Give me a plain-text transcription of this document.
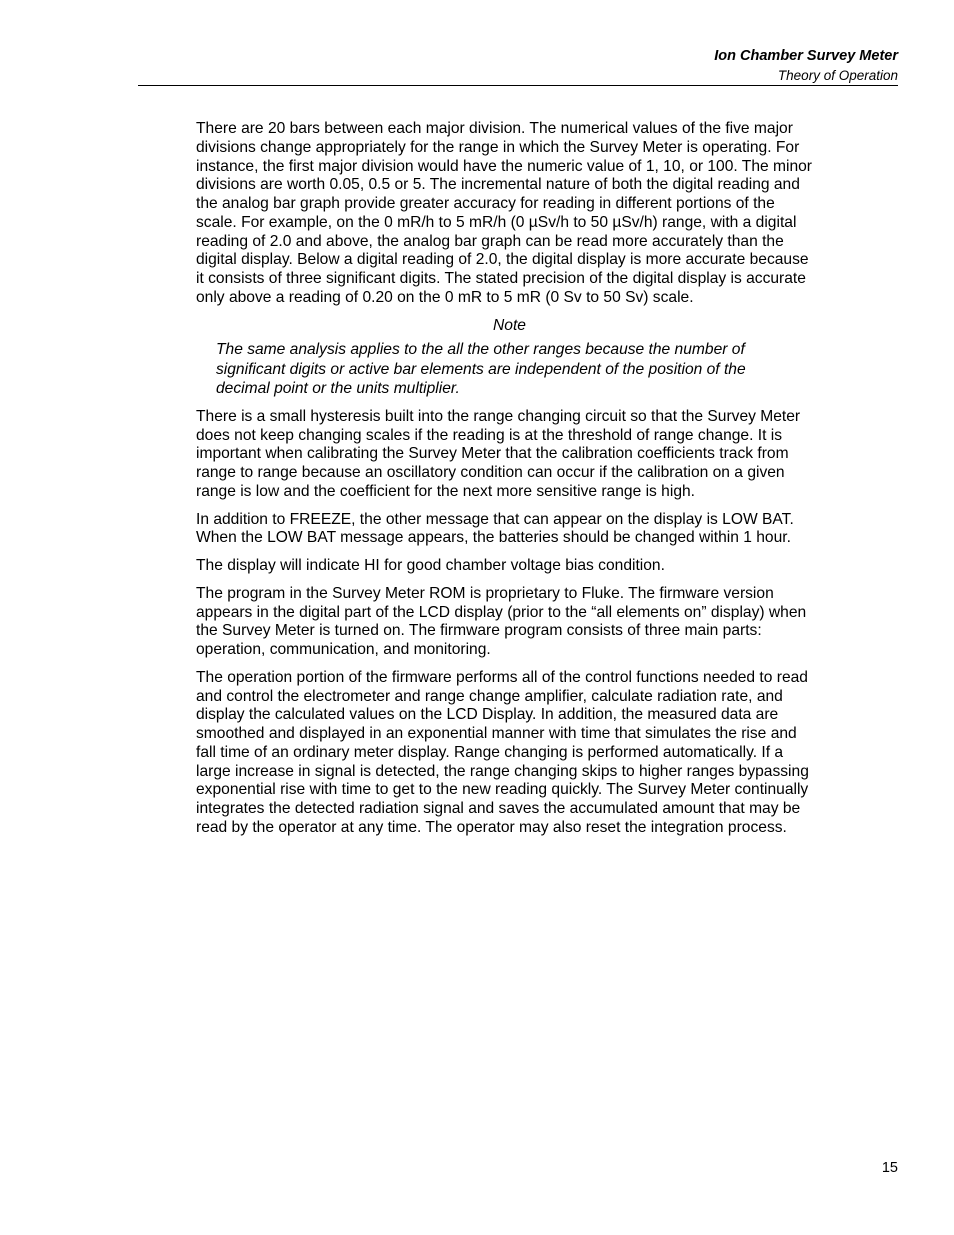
Ion Chamber Survey Meter
Theory of Operation

There are 20 bars between each major division. The numerical values of the five major divisions change appropriately for the range in which the Survey Meter is operating. For instance, the first major division would have the numeric value of 1, 10, or 100. The minor divisions are worth 0.05, 0.5 or 5. The incremental nature of both the digital reading and the analog bar graph provide greater accuracy for reading in different portions of the scale. For example, on the 0 mR/h to 5 mR/h (0 µSv/h to 50 µSv/h) range, with a digital reading of 2.0 and above, the analog bar graph can be read more accurately than the digital display. Below a digital reading of 2.0, the digital display is more accurate because it consists of three significant digits. The stated precision of the digital display is accurate only above a reading of 0.20 on the 0 mR to 5 mR (0 Sv to 50 Sv) scale.

Note
The same analysis applies to the all the other ranges because the number of significant digits or active bar elements are independent of the position of the decimal point or the units multiplier.

There is a small hysteresis built into the range changing circuit so that the Survey Meter does not keep changing scales if the reading is at the threshold of range change. It is important when calibrating the Survey Meter that the calibration coefficients track from range to range because an oscillatory condition can occur if the calibration on a given range is low and the coefficient for the next more sensitive range is high.

In addition to FREEZE, the other message that can appear on the display is LOW BAT. When the LOW BAT message appears, the batteries should be changed within 1 hour.

The display will indicate HI for good chamber voltage bias condition.

The program in the Survey Meter ROM is proprietary to Fluke. The firmware version appears in the digital part of the LCD display (prior to the “all elements on” display) when the Survey Meter is turned on. The firmware program consists of three main parts: operation, communication, and monitoring.

The operation portion of the firmware performs all of the control functions needed to read and control the electrometer and range change amplifier, calculate radiation rate, and display the calculated values on the LCD Display. In addition, the measured data are smoothed and displayed in an exponential manner with time that simulates the rise and fall time of an ordinary meter display. Range changing is performed automatically. If a large increase in signal is detected, the range changing skips to higher ranges bypassing exponential rise with time to get to the new reading quickly. The Survey Meter continually integrates the detected radiation signal and saves the accumulated amount that may be read by the operator at any time. The operator may also reset the integration process.

15
